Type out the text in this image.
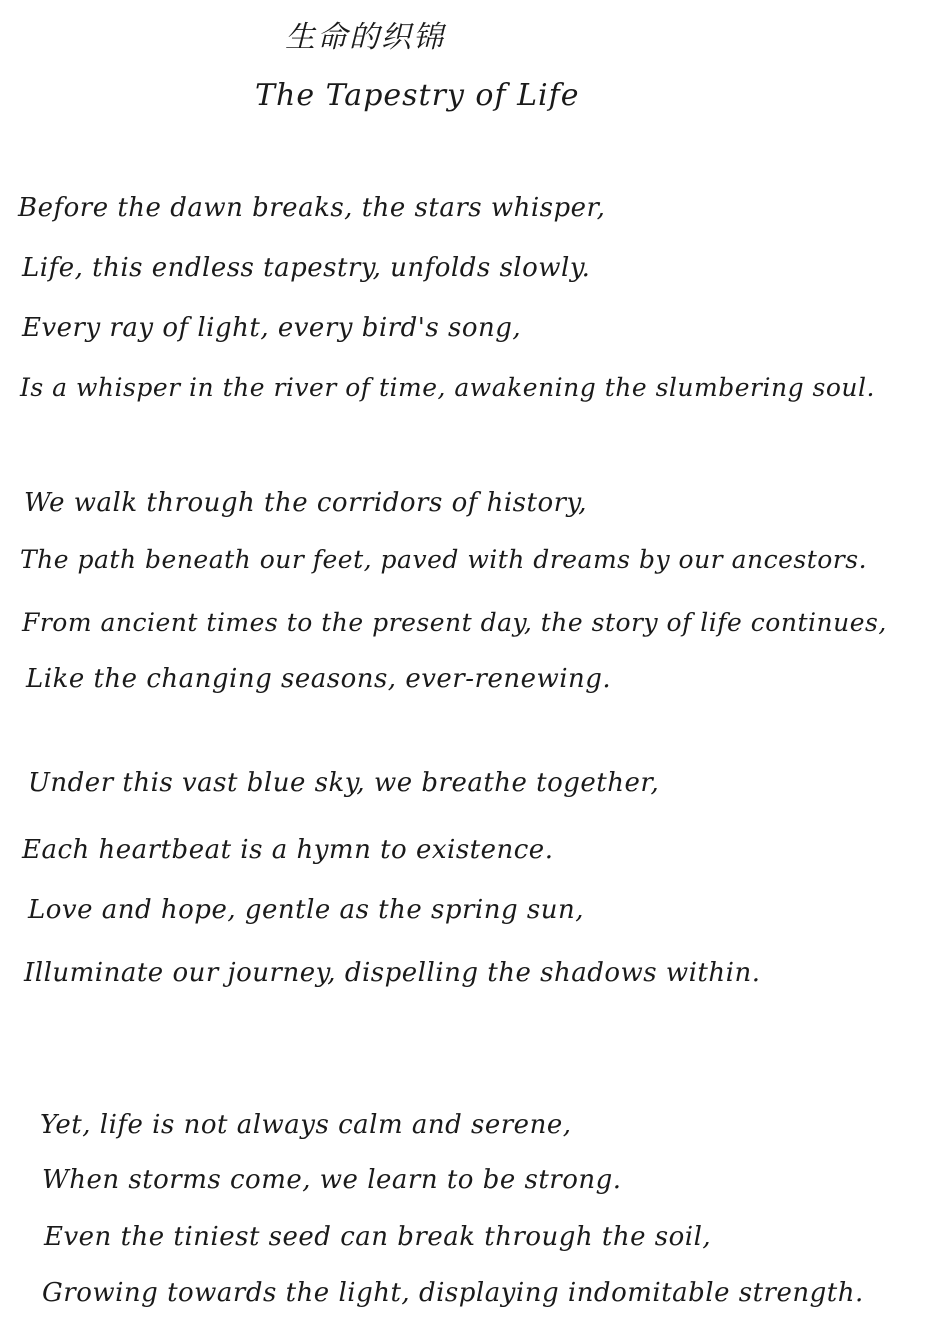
生命的织锦
The Tapestry of Life
Before the dawn breaks, the stars whisper,
Life, this endless tapestry, unfolds slowly.
Every ray of light, every bird's song,
Is a whisper in the river of time, awakening the slumbering soul.
We walk through the corridors of history,
The path beneath our feet, paved with dreams by our ancestors.
From ancient times to the present day, the story of life continues,
Like the changing seasons, ever-renewing.
Under this vast blue sky, we breathe together,
Each heartbeat is a hymn to existence.
Love and hope, gentle as the spring sun,
Illuminate our journey, dispelling the shadows within.
Yet, life is not always calm and serene,
When storms come, we learn to be strong.
Even the tiniest seed can break through the soil,
Growing towards the light, displaying indomitable strength.
